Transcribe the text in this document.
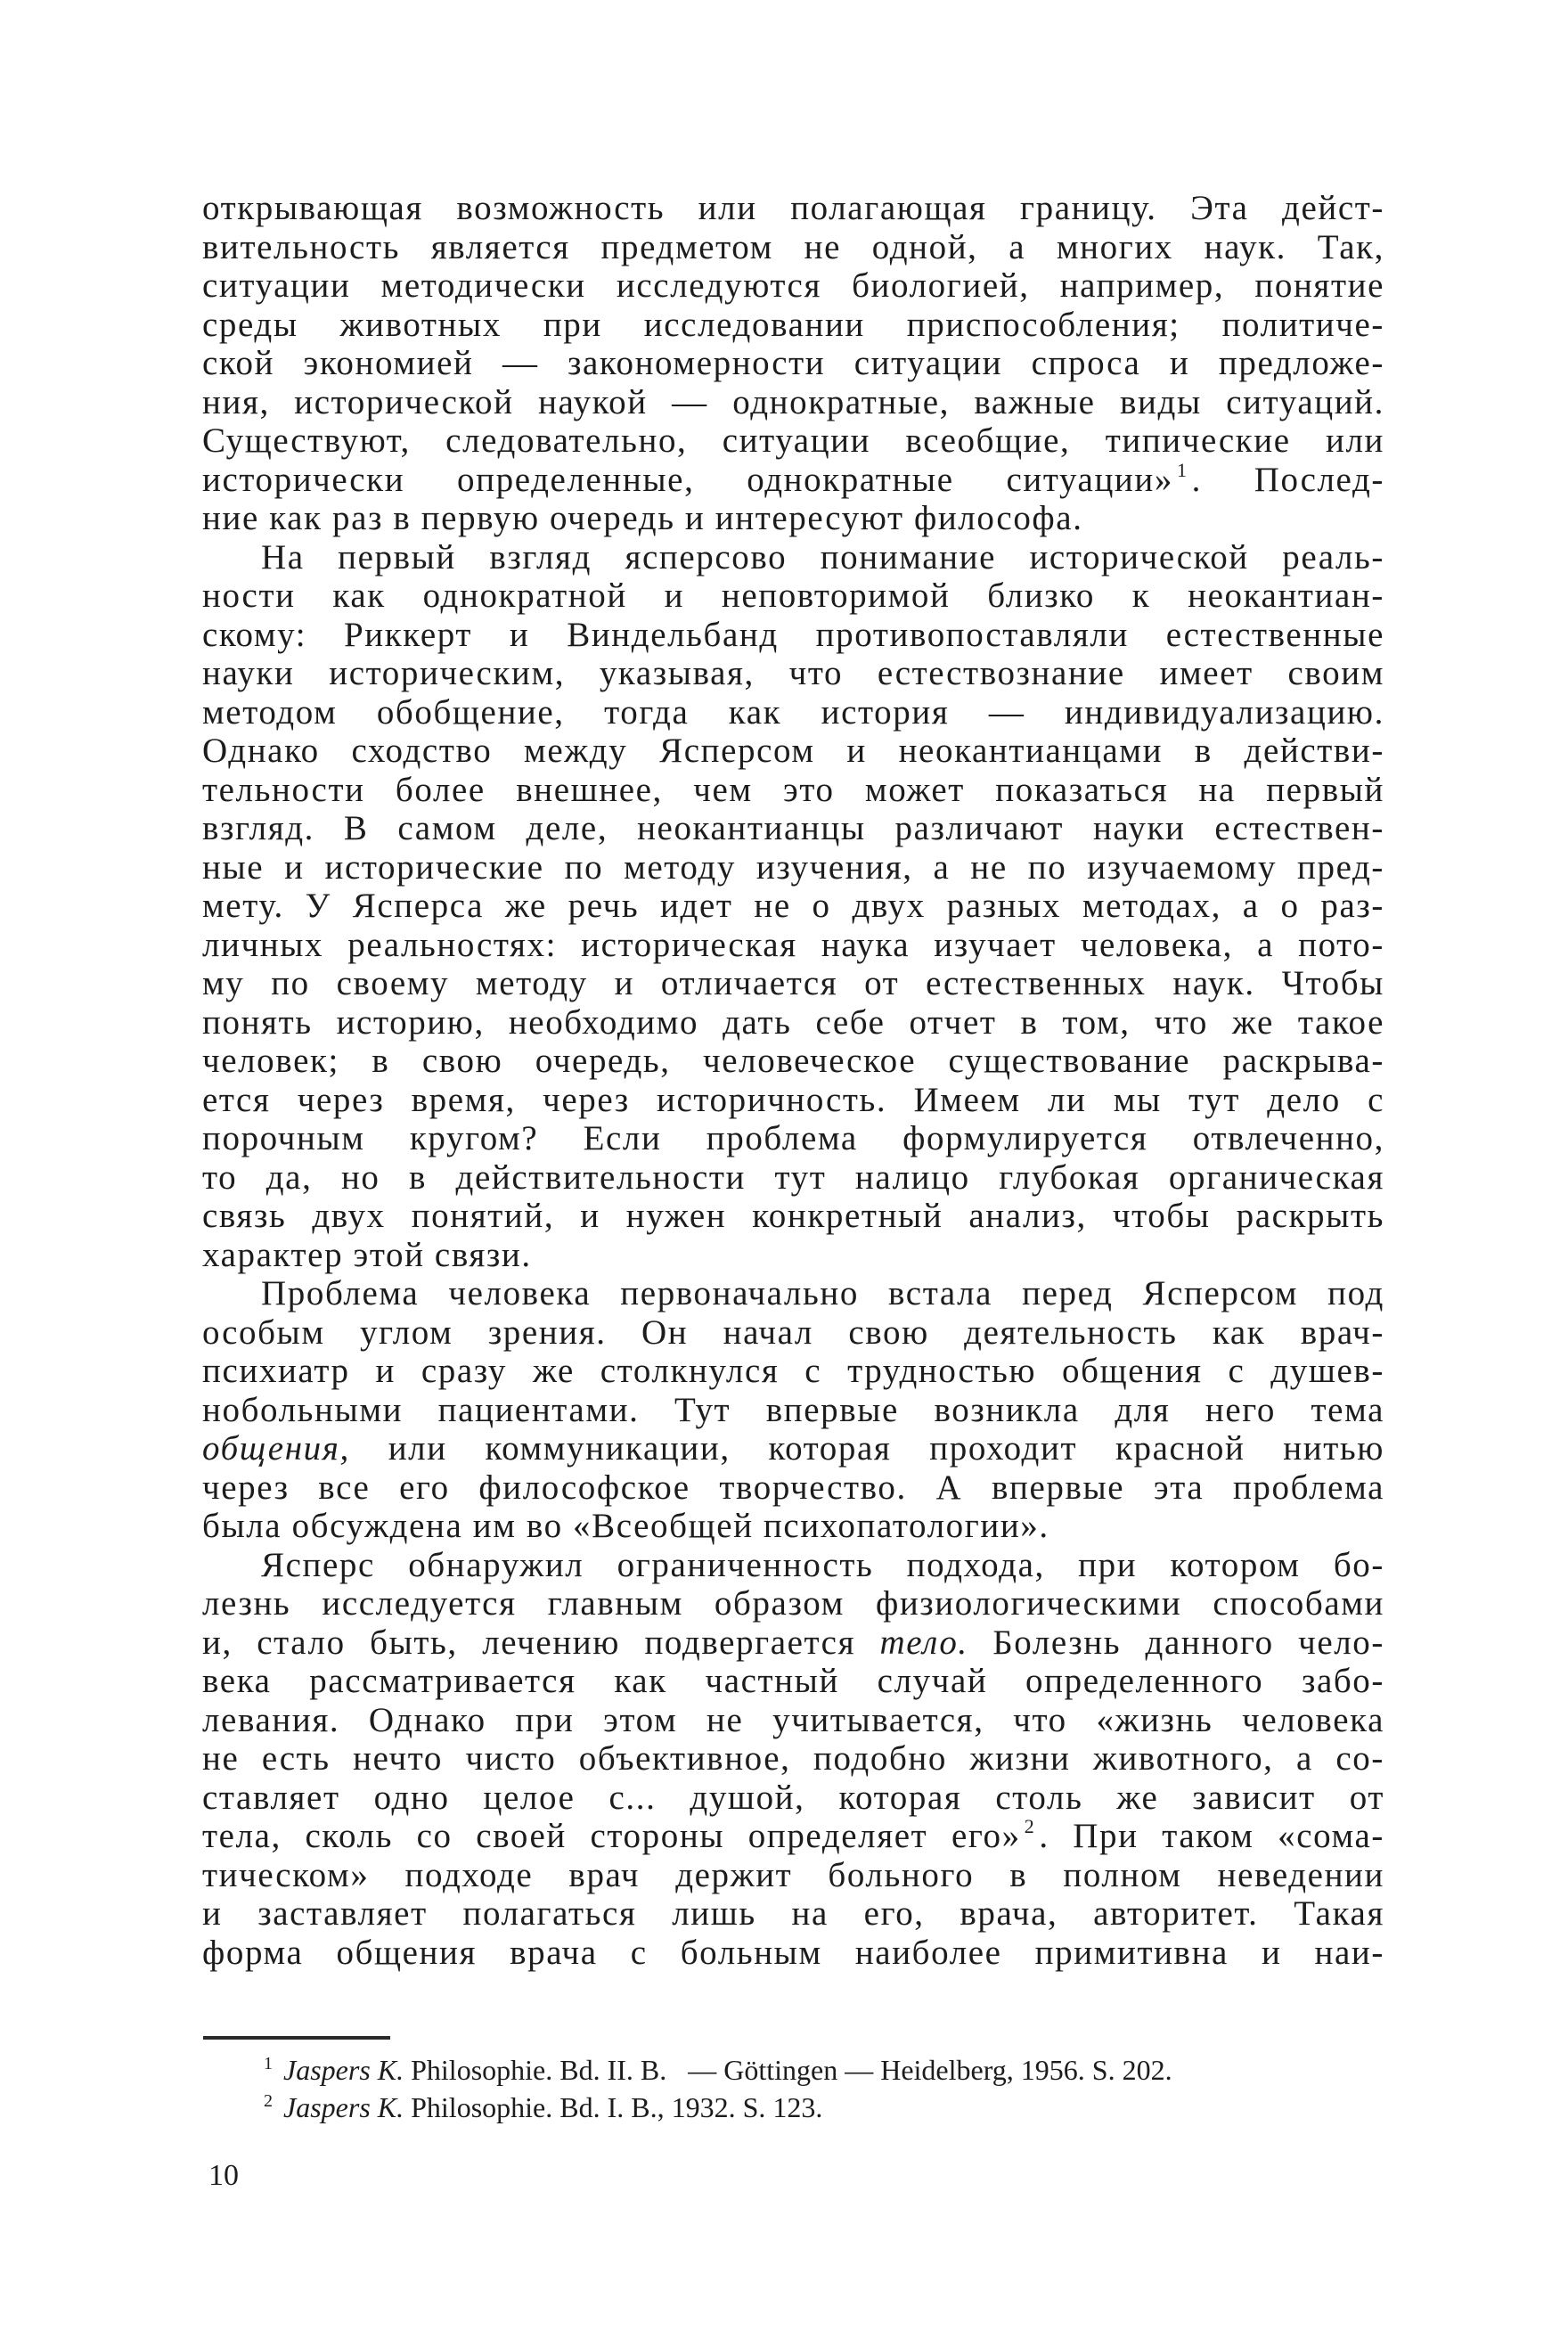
открывающая возможность или полагающая границу. Эта дейст-
вительность является предметом не одной, а многих наук. Так,
ситуации методически исследуются биологией, например, понятие
среды животных при исследовании приспособления; политиче-
ской экономией — закономерности ситуации спроса и предложе-
ния, исторической наукой — однократные, важные виды ситуаций.
Существуют, следовательно, ситуации всеобщие, типические или
исторически определенные, однократные ситуации» $^1$ . Послед-
ние как раз в первую очередь и интересуют философа.
На первый взгляд ясперсово понимание исторической реаль-
ности как однократной и неповторимой близко к неокантиан-
скому: Риккерт и Виндельбанд противопоставляли естественные
науки историческим, указывая, что естествознание имеет своим
методом обобщение, тогда как история — индивидуализацию.
Однако сходство между Ясперсом и неокантианцами в действи-
тельности более внешнее, чем это может показаться на первый
взгляд. В самом деле, неокантианцы различают науки естествен-
ные и исторические по методу изучения, а не по изучаемому пред-
мету. У Ясперса же речь идет не о двух разных методах, а о раз-
личных реальностях: историческая наука изучает человека, а пото-
му по своему методу и отличается от естественных наук. Чтобы
понять историю, необходимо дать себе отчет в том, что же такое
человек; в свою очередь, человеческое существование раскрыва-
ется через время, через историчность. Имеем ли мы тут дело с
порочным кругом? Если проблема формулируется отвлеченно,
то да, но в действительности тут налицо глубокая органическая
связь двух понятий, и нужен конкретный анализ, чтобы раскрыть
характер этой связи.
Проблема человека первоначально встала перед Ясперсом под
особым углом зрения. Он начал свою деятельность как врач-
психиатр и сразу же столкнулся с трудностью общения с душев-
нобольными пациентами. Тут впервые возникла для него тема
общения, или коммуникации, которая проходит красной нитью
через все его философское творчество. А впервые эта проблема
была обсуждена им во «Всеобщей психопатологии».
Ясперс обнаружил ограниченность подхода, при котором бо-
лезнь исследуется главным образом физиологическими способами
и, стало быть, лечению подвергается тело. Болезнь данного чело-
века рассматривается как частный случай определенного забо-
левания. Однако при этом не учитывается, что «жизнь человека
не есть нечто чисто объективное, подобно жизни животного, а со-
ставляет одно целое с... душой, которая столь же зависит от
тела, сколь со своей стороны определяет его» $^2$ . При таком «сома-
тическом» подходе врач держит больного в полном неведении
и заставляет полагаться лишь на его, врача, авторитет. Такая
форма общения врача с больным наиболее примитивна и наи-
$^1$ Jaspers K. Philosophie. Bd. II. B.   — Göttingen — Heidelberg, 1956. S. 202.
$^2$ Jaspers K. Philosophie. Bd. I. B., 1932. S. 123.
10
